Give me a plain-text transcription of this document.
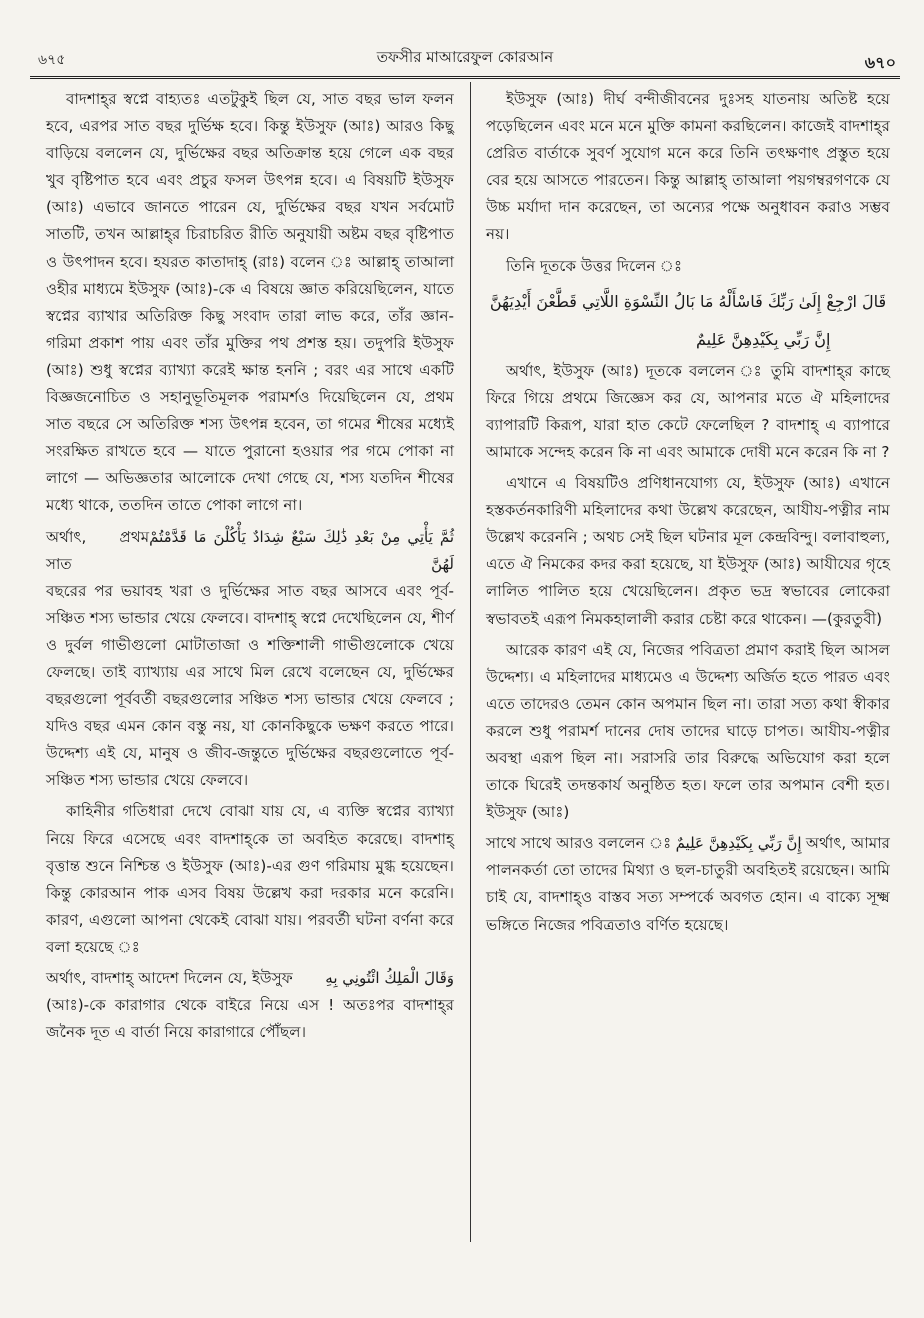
৬৭৫	তফসীর মাআরেফুল কোরআন	৬৭০

বাদশাহ্‌র স্বপ্নে বাহ্যতঃ এতটুকুই ছিল যে, সাত বছর ভাল ফলন হবে, এরপর সাত বছর দুর্ভিক্ষ হবে। কিন্তু ইউসুফ (আঃ) আরও কিছু বাড়িয়ে বললেন যে, দুর্ভিক্ষের বছর অতিক্রান্ত হয়ে গেলে এক বছর খুব বৃষ্টিপাত হবে এবং প্রচুর ফসল উৎপন্ন হবে। এ বিষয়টি ইউসুফ (আঃ) এভাবে জানতে পারেন যে, দুর্ভিক্ষের বছর যখন সর্বমোট সাতটি, তখন আল্লাহ্‌র চিরাচরিত রীতি অনুযায়ী অষ্টম বছর বৃষ্টিপাত ও উৎপাদন হবে। হযরত কাতাদাহ্ (রাঃ) বলেন ঃ আল্লাহ্ তাআলা ওহীর মাধ্যমে ইউসুফ (আঃ)-কে এ বিষয়ে জ্ঞাত করিয়েছিলেন, যাতে স্বপ্নের ব্যাখার অতিরিক্ত কিছু সংবাদ তারা লাভ করে, তাঁর জ্ঞান-গরিমা প্রকাশ পায় এবং তাঁর মুক্তির পথ প্রশস্ত হয়। তদুপরি ইউসুফ (আঃ) শুধু স্বপ্নের ব্যাখ্যা করেই ক্ষান্ত হননি ; বরং এর সাথে একটি বিজ্ঞজনোচিত ও সহানুভূতিমূলক পরামর্শও দিয়েছিলেন যে, প্রথম সাত বছরে সে অতিরিক্ত শস্য উৎপন্ন হবেন, তা গমের শীষের মধ্যেই সংরক্ষিত রাখতে হবে — যাতে পুরানো হওয়ার পর গমে পোকা না লাগে — অভিজ্ঞতার আলোকে দেখা গেছে যে, শস্য যতদিন শীষের মধ্যে থাকে, ততদিন তাতে পোকা লাগে না।

অর্থাৎ, প্রথম সাত
ثُمَّ يَأْتِي مِنْ بَعْدِ ذَٰلِكَ سَبْعٌ شِدَادٌ يَأْكُلْنَ مَا قَدَّمْتُمْ لَهُنَّ

বছরের পর ভয়াবহ খরা ও দুর্ভিক্ষের সাত বছর আসবে এবং পূর্ব-সঞ্চিত শস্য ভান্ডার খেয়ে ফেলবে। বাদশাহ্ স্বপ্নে দেখেছিলেন যে, শীর্ণ ও দুর্বল গাভীগুলো মোটাতাজা ও শক্তিশালী গাভীগুলোকে খেয়ে ফেলছে। তাই ব্যাখ্যায় এর সাথে মিল রেখে বলেছেন যে, দুর্ভিক্ষের বছরগুলো পূর্ববর্তী বছরগুলোর সঞ্চিত শস্য ভান্ডার খেয়ে ফেলবে ; যদিও বছর এমন কোন বস্তু নয়, যা কোনকিছুকে ভক্ষণ করতে পারে। উদ্দেশ্য এই যে, মানুষ ও জীব-জন্তুতে দুর্ভিক্ষের বছরগুলোতে পূর্ব-সঞ্চিত শস্য ভান্ডার খেয়ে ফেলবে।

কাহিনীর গতিধারা দেখে বোঝা যায় যে, এ ব্যক্তি স্বপ্নের ব্যাখ্যা নিয়ে ফিরে এসেছে এবং বাদশাহ্‌কে তা অবহিত করেছে। বাদশাহ্ বৃত্তান্ত শুনে নিশ্চিন্ত ও ইউসুফ (আঃ)-এর গুণ গরিমায় মুগ্ধ হয়েছেন। কিন্তু কোরআন পাক এসব বিষয় উল্লেখ করা দরকার মনে করেনি। কারণ, এগুলো আপনা থেকেই বোঝা যায়। পরবর্তী ঘটনা বর্ণনা করে বলা হয়েছে ঃ

অর্থাৎ, বাদশাহ্ আদেশ দিলেন যে, ইউসুফ وَقَالَ الْمَلِكُ ائْتُونِي بِهِ

(আঃ)-কে কারাগার থেকে বাইরে নিয়ে এস ! অতঃপর বাদশাহ্‌র জনৈক দূত এ বার্তা নিয়ে কারাগারে পৌঁছল।

ইউসুফ (আঃ) দীর্ঘ বন্দীজীবনের দুঃসহ যাতনায় অতিষ্ট হয়ে পড়েছিলেন এবং মনে মনে মুক্তি কামনা করছিলেন। কাজেই বাদশাহ্‌র প্রেরিত বার্তাকে সুবর্ণ সুযোগ মনে করে তিনি তৎক্ষণাৎ প্রস্তুত হয়ে বের হয়ে আসতে পারতেন। কিন্তু আল্লাহ্ তাআলা পয়গম্বরগণকে যে উচ্চ মর্যাদা দান করেছেন, তা অন্যের পক্ষে অনুধাবন করাও সম্ভব নয়।

তিনি দূতকে উত্তর দিলেন ঃ

قَالَ ارْجِعْ إِلَىٰ رَبِّكَ فَاسْأَلْهُ مَا بَالُ النِّسْوَةِ اللَّاتِي قَطَّعْنَ أَيْدِيَهُنَّ
إِنَّ رَبِّي بِكَيْدِهِنَّ عَلِيمٌ

অর্থাৎ, ইউসুফ (আঃ) দূতকে বললেন ঃ তুমি বাদশাহ্‌র কাছে ফিরে গিয়ে প্রথমে জিজ্ঞেস কর যে, আপনার মতে ঐ মহিলাদের ব্যাপারটি কিরূপ, যারা হাত কেটে ফেলেছিল ? বাদশাহ্ এ ব্যাপারে আমাকে সন্দেহ করেন কি না এবং আমাকে দোষী মনে করেন কি না ?

এখানে এ বিষয়টিও প্রণিধানযোগ্য যে, ইউসুফ (আঃ) এখানে হস্তকর্তনকারিণী মহিলাদের কথা উল্লেখ করেছেন, আযীয-পত্নীর নাম উল্লেখ করেননি ; অথচ সেই ছিল ঘটনার মূল কেন্দ্রবিন্দু। বলাবাহুল্য, এতে ঐ নিমকের কদর করা হয়েছে, যা ইউসুফ (আঃ) আযীযের গৃহে লালিত পালিত হয়ে খেয়েছিলেন। প্রকৃত ভদ্র স্বভাবের লোকেরা স্বভাবতই এরূপ নিমকহালালী করার চেষ্টা করে থাকেন। —(কুরতুবী)

আরেক কারণ এই যে, নিজের পবিত্রতা প্রমাণ করাই ছিল আসল উদ্দেশ্য। এ মহিলাদের মাধ্যমেও এ উদ্দেশ্য অর্জিত হতে পারত এবং এতে তাদেরও তেমন কোন অপমান ছিল না। তারা সত্য কথা স্বীকার করলে শুধু পরামর্শ দানের দোষ তাদের ঘাড়ে চাপত। আযীয-পত্নীর অবস্থা এরূপ ছিল না। সরাসরি তার বিরুদ্ধে অভিযোগ করা হলে তাকে ঘিরেই তদন্তকার্য অনুষ্ঠিত হত। ফলে তার অপমান বেশী হত। ইউসুফ (আঃ)

সাথে সাথে আরও বললেন ঃ إِنَّ رَبِّي بِكَيْدِهِنَّ عَلِيمٌ অর্থাৎ, আমার

পালনকর্তা তো তাদের মিথ্যা ও ছল-চাতুরী অবহিতই রয়েছেন। আমি চাই যে, বাদশাহ্ও বাস্তব সত্য সম্পর্কে অবগত হোন। এ বাক্যে সূক্ষ্ম ভঙ্গিতে নিজের পবিত্রতাও বর্ণিত হয়েছে।
